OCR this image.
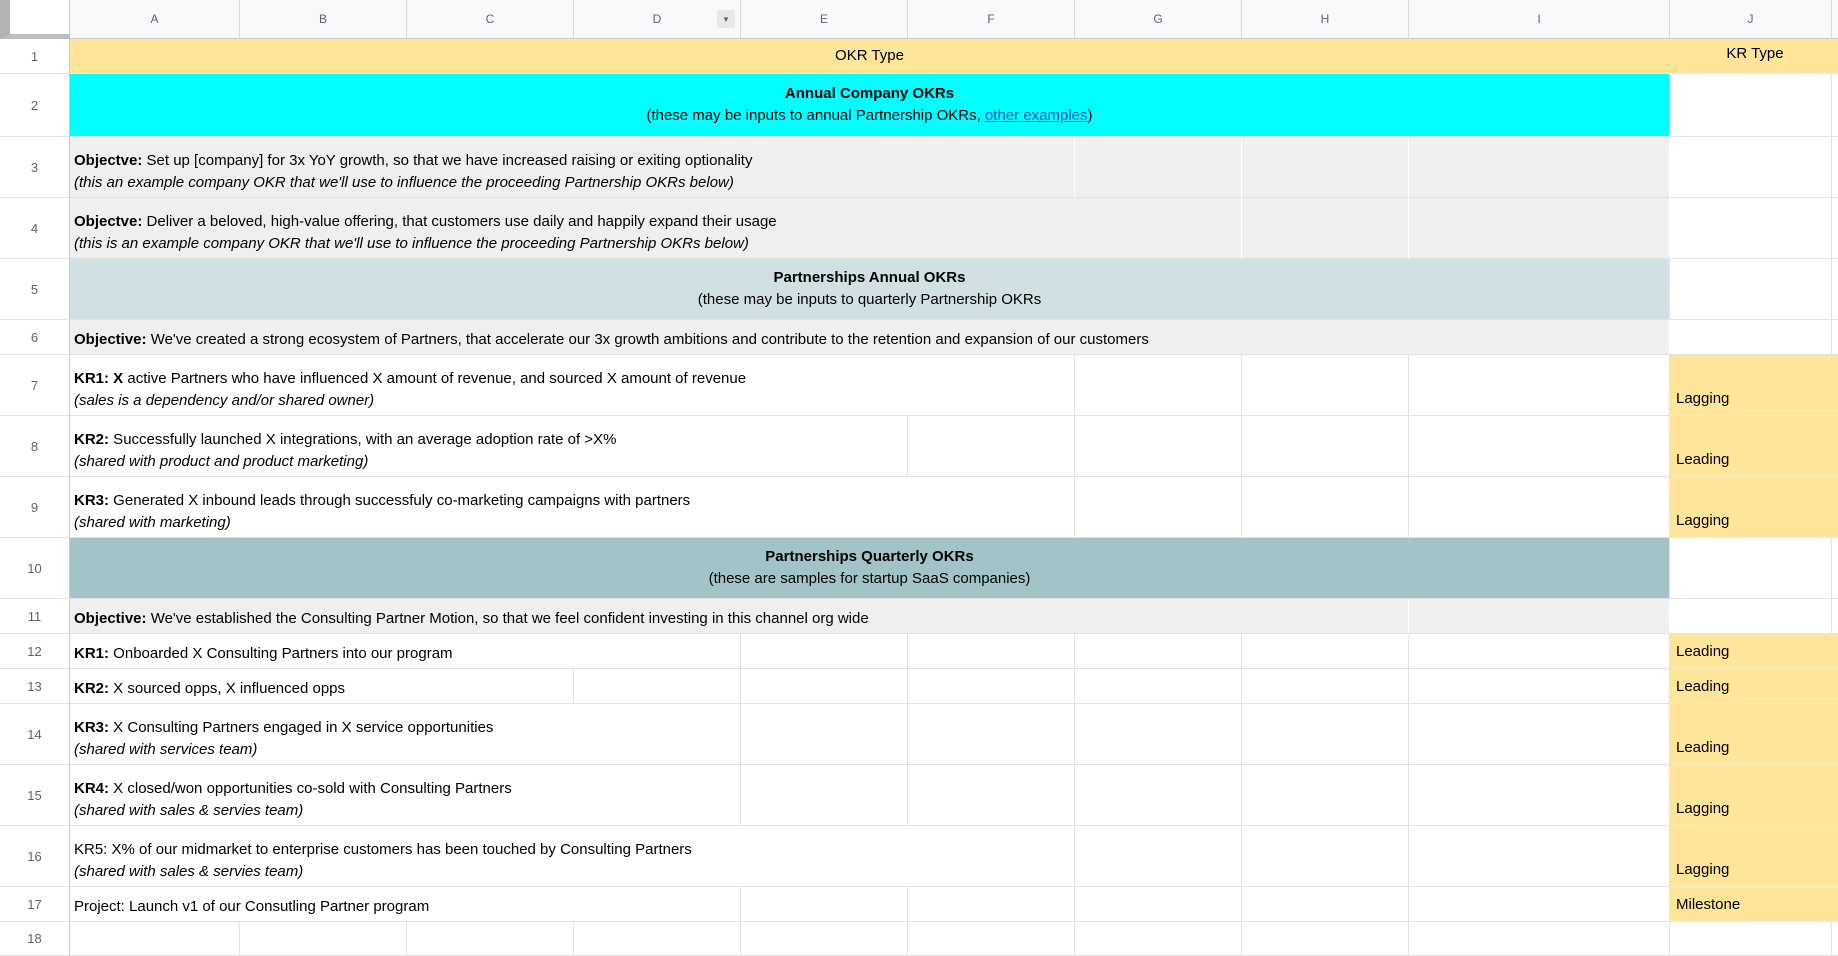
A	B	C	D	▼	E	F	G	H	I	J
1	OKR Type	KR Type
2
Annual Company OKRs
(these may be inputs to annual Partnership OKRs, other examples)
3	Objectve: Set up [company] for 3x YoY growth, so that we have increased raising or exiting optionality
(this an example company OKR that we'll use to influence the proceeding Partnership OKRs below)
4	Objectve: Deliver a beloved, high-value offering, that customers use daily and happily expand their usage
(this is an example company OKR that we'll use to influence the proceeding Partnership OKRs below)
5
Partnerships Annual OKRs
(these may be inputs to quarterly Partnership OKRs
6	Objective: We've created a strong ecosystem of Partners, that accelerate our 3x growth ambitions and contribute to the retention and expansion of our customers
7	KR1: X active Partners who have influenced X amount of revenue, and sourced X amount of revenue
(sales is a dependency and/or shared owner)	Lagging
8	KR2: Successfully launched X integrations, with an average adoption rate of >X%
(shared with product and product marketing)	Leading
9	KR3: Generated X inbound leads through successfuly co-marketing campaigns with partners
(shared with marketing)	Lagging
10
Partnerships Quarterly OKRs
(these are samples for startup SaaS companies)
11	Objective: We've established the Consulting Partner Motion, so that we feel confident investing in this channel org wide
12	KR1: Onboarded X Consulting Partners into our program	Leading
13	KR2: X sourced opps, X influenced opps	Leading
14	KR3: X Consulting Partners engaged in X service opportunities
(shared with services team)	Leading
15	KR4: X closed/won opportunities co-sold with Consulting Partners
(shared with sales & servies team)	Lagging
16	KR5: X% of our midmarket to enterprise customers has been touched by Consulting Partners
(shared with sales & servies team)	Lagging
17	Project: Launch v1 of our Consutling Partner program	Milestone
18
